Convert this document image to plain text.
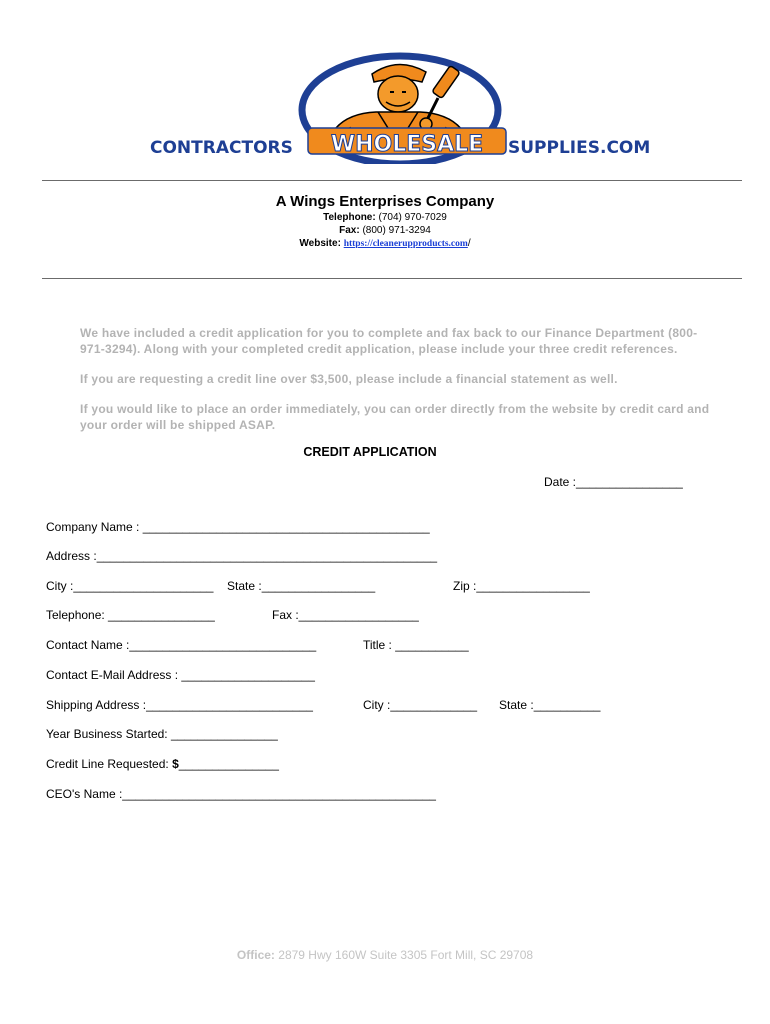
CONTRACTORS WHOLESALE SUPPLIES.COM
A Wings Enterprises Company
Telephone: (704) 970-7029
Fax: (800) 971-3294
Website: https://cleanerupproducts.com/
We have included a credit application for you to complete and fax back to our Finance Department (800-971-3294). Along with your completed credit application, please include your three credit references.
If you are requesting a credit line over $3,500, please include a financial statement as well.
If you would like to place an order immediately, you can order directly from the website by credit card and your order will be shipped ASAP.
CREDIT APPLICATION
Date :________________
Company Name : ___________________________________________
Address :___________________________________________________
City :_____________________ State :_________________	Zip :_________________
Telephone: ________________	Fax :__________________
Contact Name :____________________________	Title : ___________
Contact E-Mail Address : ____________________
Shipping Address :_________________________	City :_____________ State :__________
Year Business Started: ________________
Credit Line Requested: $_______________
CEO's Name :_______________________________________________
Office: 2879 Hwy 160W Suite 3305 Fort Mill, SC 29708
